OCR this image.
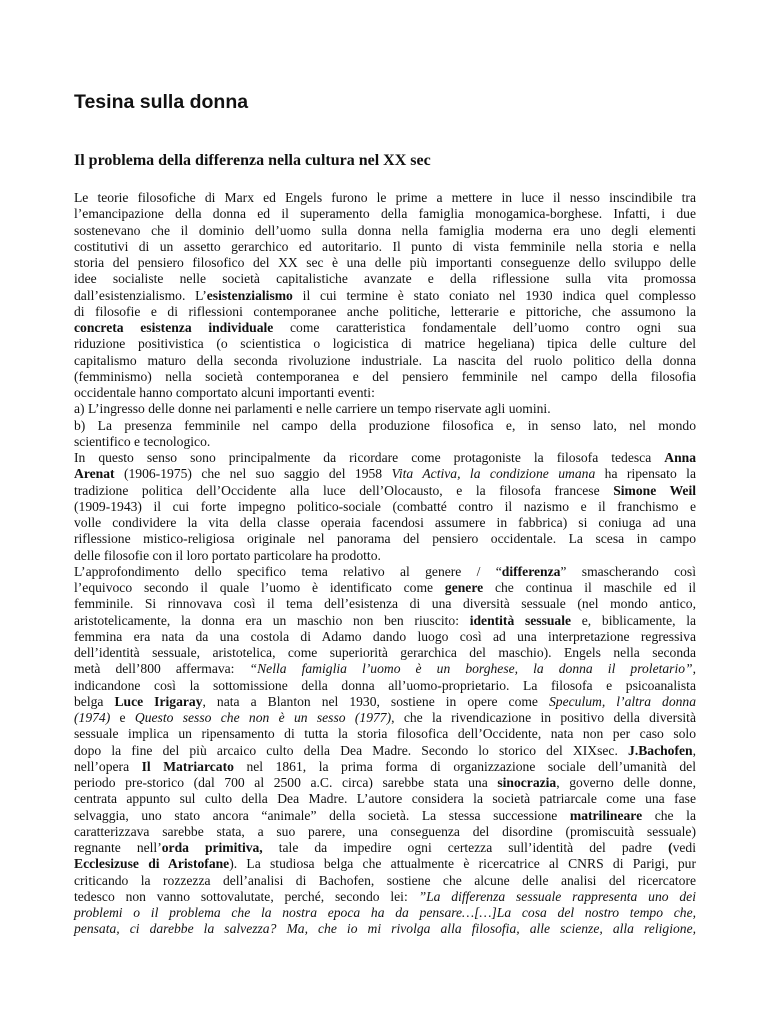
Tesina sulla donna
Il problema della differenza nella cultura nel XX sec
Le teorie filosofiche di Marx ed Engels furono le prime a mettere in luce il nesso inscindibile tra
l’emancipazione della donna ed il superamento della famiglia monogamica-borghese. Infatti, i due
sostenevano che il dominio dell’uomo sulla donna nella famiglia moderna era uno degli elementi
costitutivi di un assetto gerarchico ed autoritario. Il punto di vista femminile nella storia e nella
storia del pensiero filosofico del XX sec è una delle più importanti conseguenze dello sviluppo delle
idee socialiste nelle società capitalistiche avanzate e della riflessione sulla vita promossa
dall’esistenzialismo. L’esistenzialismo il cui termine è stato coniato nel 1930 indica quel complesso
di filosofie e di riflessioni contemporanee anche politiche, letterarie e pittoriche, che assumono la
concreta esistenza individuale come caratteristica fondamentale dell’uomo contro ogni sua
riduzione positivistica (o scientistica o logicistica di matrice hegeliana) tipica delle culture del
capitalismo maturo della seconda rivoluzione industriale. La nascita del ruolo politico della donna
(femminismo) nella società contemporanea e del pensiero femminile nel campo della filosofia
occidentale hanno comportato alcuni importanti eventi:
a) L’ingresso delle donne nei parlamenti e nelle carriere un tempo riservate agli uomini.
b) La presenza femminile nel campo della produzione filosofica e, in senso lato, nel mondo
scientifico e tecnologico.
In questo senso sono principalmente da ricordare come protagoniste la filosofa tedesca Anna
Arenat (1906-1975) che nel suo saggio del 1958 Vita Activa, la condizione umana ha ripensato la
tradizione politica dell’Occidente alla luce dell’Olocausto, e la filosofa francese Simone Weil
(1909-1943) il cui forte impegno politico-sociale (combatté contro il nazismo e il franchismo e
volle condividere la vita della classe operaia facendosi assumere in fabbrica) si coniuga ad una
riflessione mistico-religiosa originale nel panorama del pensiero occidentale. La scesa in campo
delle filosofie con il loro portato particolare ha prodotto.
L’approfondimento dello specifico tema relativo al genere / “differenza” smascherando così
l’equivoco secondo il quale l’uomo è identificato come genere che continua il maschile ed il
femminile. Si rinnovava così il tema dell’esistenza di una diversità sessuale (nel mondo antico,
aristotelicamente, la donna era un maschio non ben riuscito: identità sessuale e, biblicamente, la
femmina era nata da una costola di Adamo dando luogo così ad una interpretazione regressiva
dell’identità sessuale, aristotelica, come superiorità gerarchica del maschio). Engels nella seconda
metà dell’800 affermava: “Nella famiglia l’uomo è un borghese, la donna il proletario”,
indicandone così la sottomissione della donna all’uomo-proprietario. La filosofa e psicoanalista
belga Luce Irigaray, nata a Blanton nel 1930, sostiene in opere come Speculum, l’altra donna
(1974) e Questo sesso che non è un sesso (1977), che la rivendicazione in positivo della diversità
sessuale implica un ripensamento di tutta la storia filosofica dell’Occidente, nata non per caso solo
dopo la fine del più arcaico culto della Dea Madre. Secondo lo storico del XIXsec. J.Bachofen,
nell’opera Il Matriarcato nel 1861, la prima forma di organizzazione sociale dell’umanità del
periodo pre-storico (dal 700 al 2500 a.C. circa) sarebbe stata una sinocrazia, governo delle donne,
centrata appunto sul culto della Dea Madre. L’autore considera la società patriarcale come una fase
selvaggia, uno stato ancora “animale” della società. La stessa successione matrilineare che la
caratterizzava sarebbe stata, a suo parere, una conseguenza del disordine (promiscuità sessuale)
regnante nell’orda primitiva, tale da impedire ogni certezza sull’identità del padre (vedi
Ecclesizuse di Aristofane). La studiosa belga che attualmente è ricercatrice al CNRS di Parigi, pur
criticando la rozzezza dell’analisi di Bachofen, sostiene che alcune delle analisi del ricercatore
tedesco non vanno sottovalutate, perché, secondo lei: ”La differenza sessuale rappresenta uno dei
problemi o il problema che la nostra epoca ha da pensare…[…]La cosa del nostro tempo che,
pensata, ci darebbe la salvezza? Ma, che io mi rivolga alla filosofia, alle scienze, alla religione,
